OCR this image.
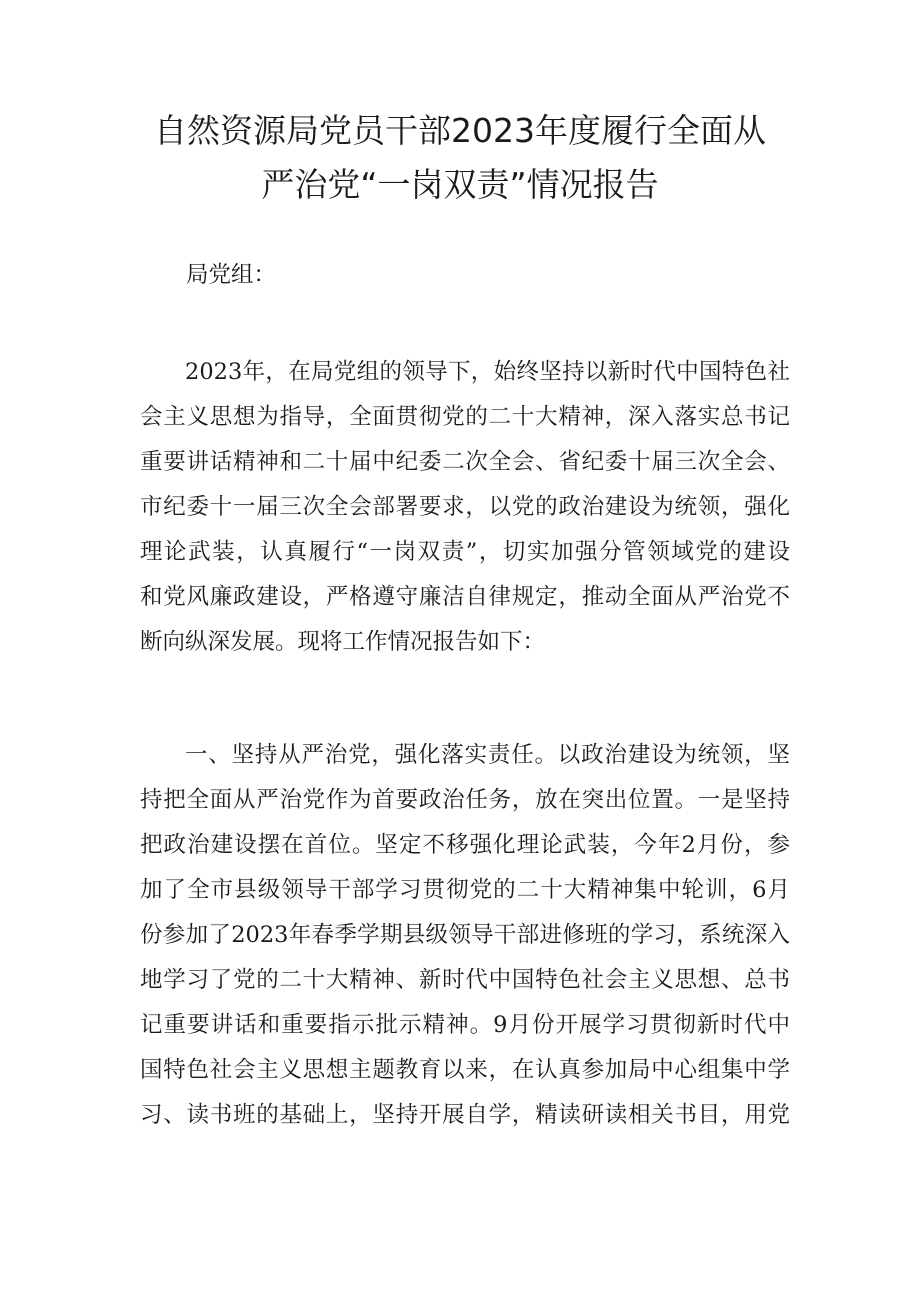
自然资源局党员干部2023年度履行全面从
严治党“一岗双责”情况报告

局党组：

2023年，在局党组的领导下，始终坚持以新时代中国特色社
会主义思想为指导，全面贯彻党的二十大精神，深入落实总书记
重要讲话精神和二十届中纪委二次全会、省纪委十届三次全会、
市纪委十一届三次全会部署要求，以党的政治建设为统领，强化
理论武装，认真履行“一岗双责”，切实加强分管领域党的建设
和党风廉政建设，严格遵守廉洁自律规定，推动全面从严治党不
断向纵深发展。现将工作情况报告如下：

一、坚持从严治党，强化落实责任。以政治建设为统领，坚
持把全面从严治党作为首要政治任务，放在突出位置。一是坚持
把政治建设摆在首位。坚定不移强化理论武装，今年2月份，参
加了全市县级领导干部学习贯彻党的二十大精神集中轮训，6月
份参加了2023年春季学期县级领导干部进修班的学习，系统深入
地学习了党的二十大精神、新时代中国特色社会主义思想、总书
记重要讲话和重要指示批示精神。9月份开展学习贯彻新时代中
国特色社会主义思想主题教育以来，在认真参加局中心组集中学
习、读书班的基础上，坚持开展自学，精读研读相关书目，用党
